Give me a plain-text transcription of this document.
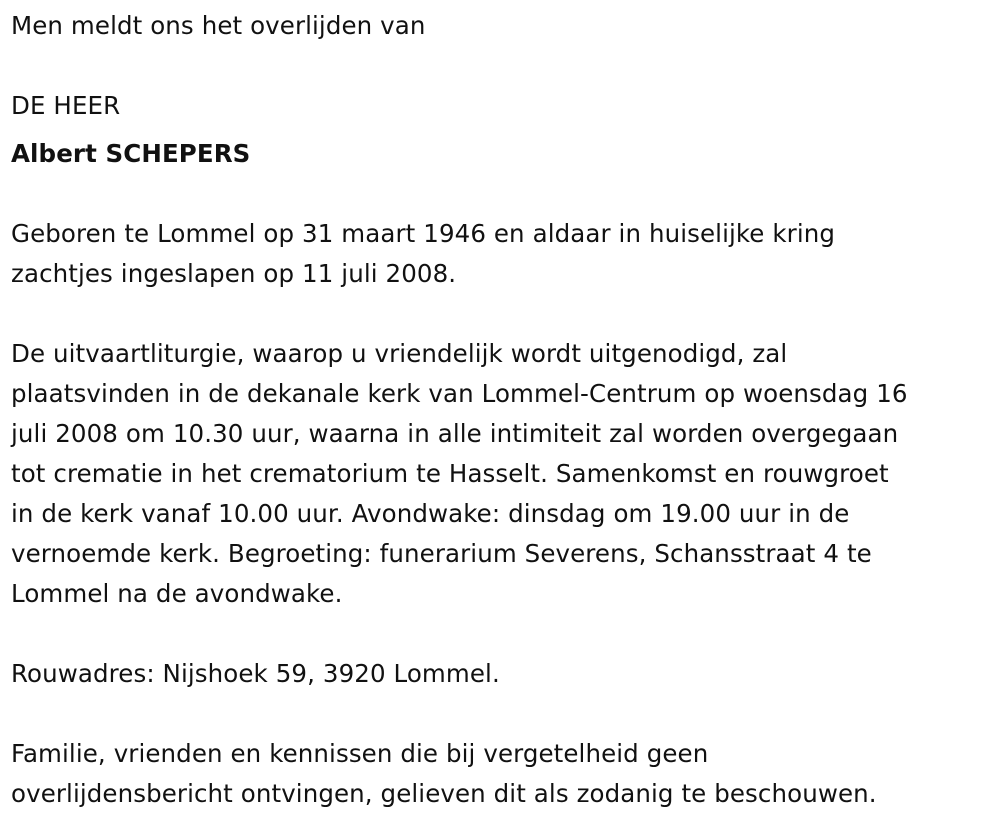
Men meldt ons het overlijden van
DE HEER
Albert SCHEPERS
Geboren te Lommel op 31 maart 1946 en aldaar in huiselijke kring
zachtjes ingeslapen op 11 juli 2008.
De uitvaartliturgie, waarop u vriendelijk wordt uitgenodigd, zal
plaatsvinden in de dekanale kerk van Lommel-Centrum op woensdag 16
juli 2008 om 10.30 uur, waarna in alle intimiteit zal worden overgegaan
tot crematie in het crematorium te Hasselt. Samenkomst en rouwgroet
in de kerk vanaf 10.00 uur. Avondwake: dinsdag om 19.00 uur in de
vernoemde kerk. Begroeting: funerarium Severens, Schansstraat 4 te
Lommel na de avondwake.
Rouwadres: Nijshoek 59, 3920 Lommel.
Familie, vrienden en kennissen die bij vergetelheid geen
overlijdensbericht ontvingen, gelieven dit als zodanig te beschouwen.
